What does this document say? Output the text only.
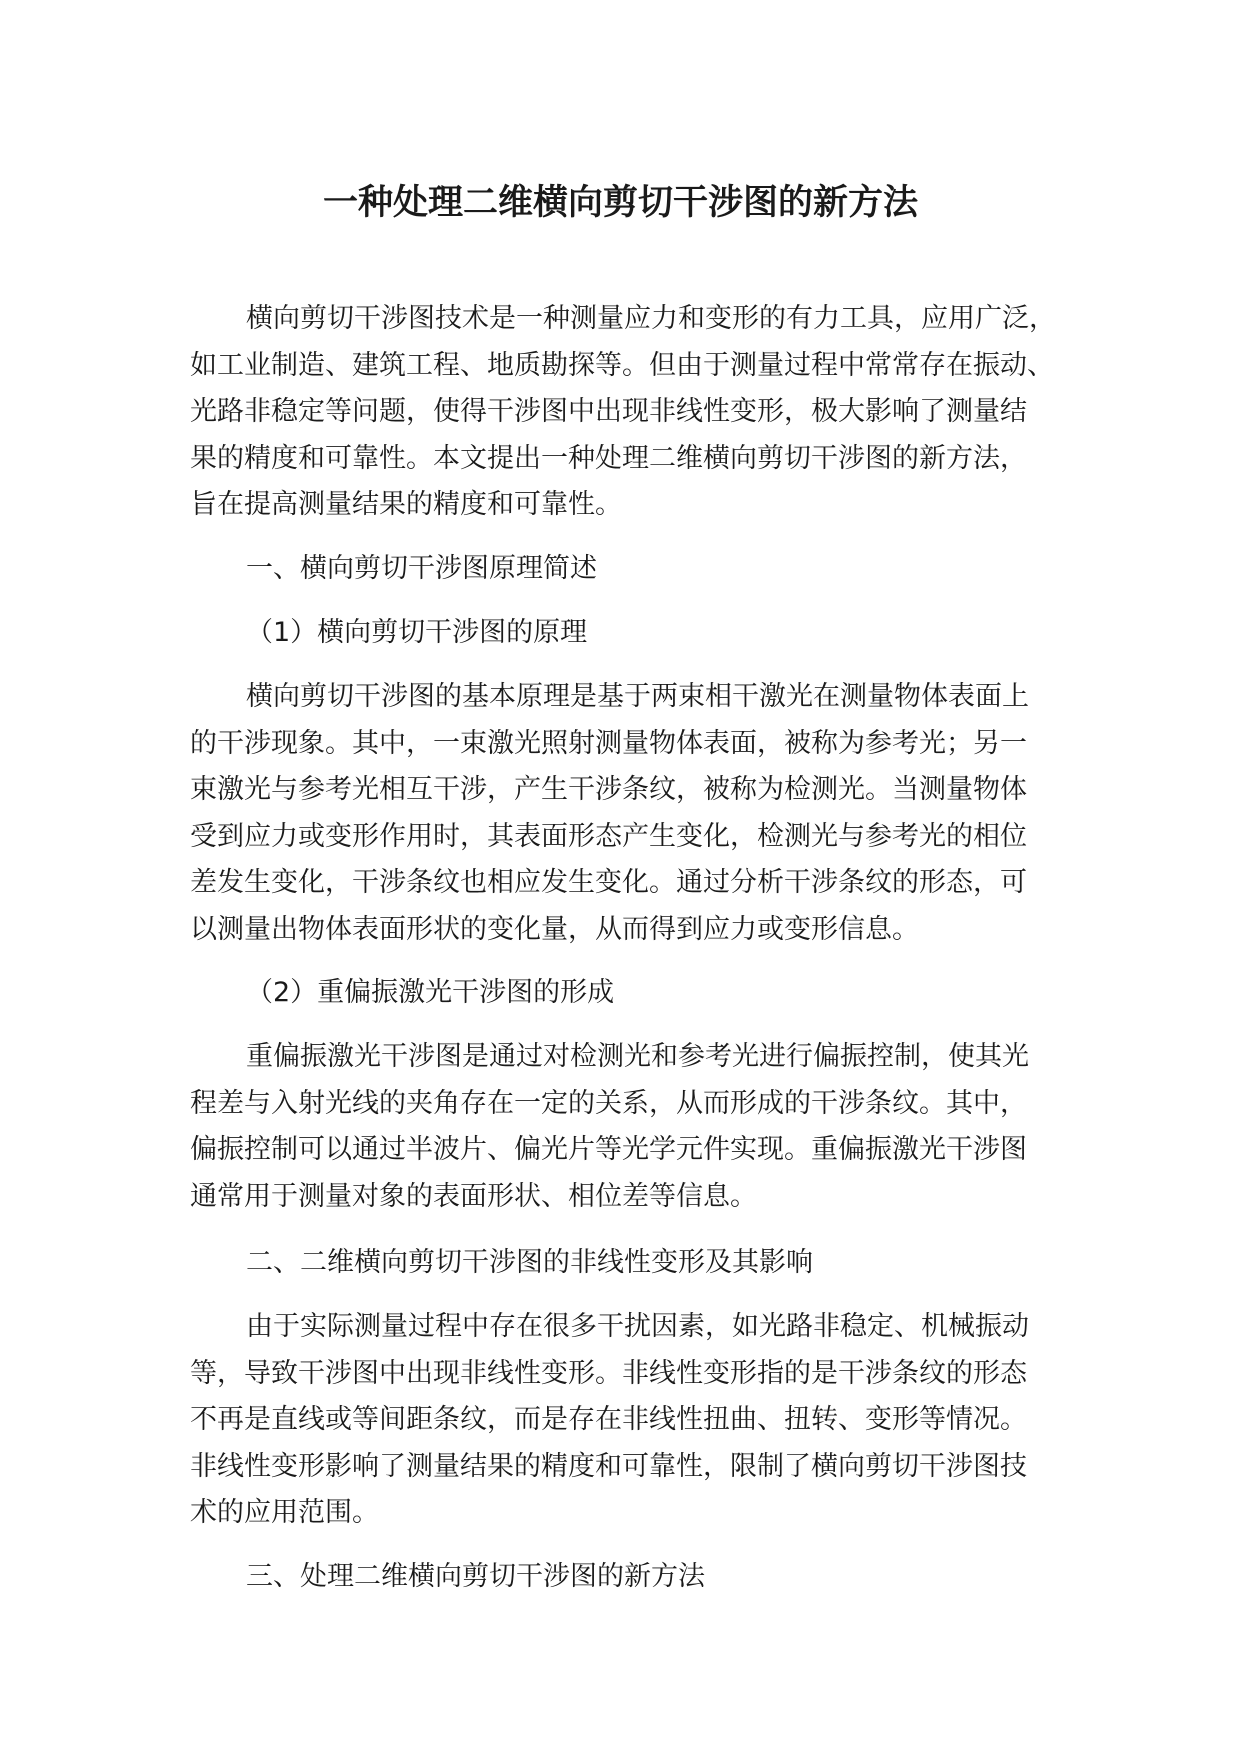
一种处理二维横向剪切干涉图的新方法

横向剪切干涉图技术是一种测量应力和变形的有力工具，应用广泛，
如工业制造、建筑工程、地质勘探等。但由于测量过程中常常存在振动、
光路非稳定等问题，使得干涉图中出现非线性变形，极大影响了测量结
果的精度和可靠性。本文提出一种处理二维横向剪切干涉图的新方法，
旨在提高测量结果的精度和可靠性。

一、横向剪切干涉图原理简述
（1）横向剪切干涉图的原理

横向剪切干涉图的基本原理是基于两束相干激光在测量物体表面上
的干涉现象。其中，一束激光照射测量物体表面，被称为参考光；另一
束激光与参考光相互干涉，产生干涉条纹，被称为检测光。当测量物体
受到应力或变形作用时，其表面形态产生变化，检测光与参考光的相位
差发生变化，干涉条纹也相应发生变化。通过分析干涉条纹的形态，可
以测量出物体表面形状的变化量，从而得到应力或变形信息。

（2）重偏振激光干涉图的形成

重偏振激光干涉图是通过对检测光和参考光进行偏振控制，使其光
程差与入射光线的夹角存在一定的关系，从而形成的干涉条纹。其中，
偏振控制可以通过半波片、偏光片等光学元件实现。重偏振激光干涉图
通常用于测量对象的表面形状、相位差等信息。

二、二维横向剪切干涉图的非线性变形及其影响

由于实际测量过程中存在很多干扰因素，如光路非稳定、机械振动
等，导致干涉图中出现非线性变形。非线性变形指的是干涉条纹的形态
不再是直线或等间距条纹，而是存在非线性扭曲、扭转、变形等情况。
非线性变形影响了测量结果的精度和可靠性，限制了横向剪切干涉图技
术的应用范围。

三、处理二维横向剪切干涉图的新方法
